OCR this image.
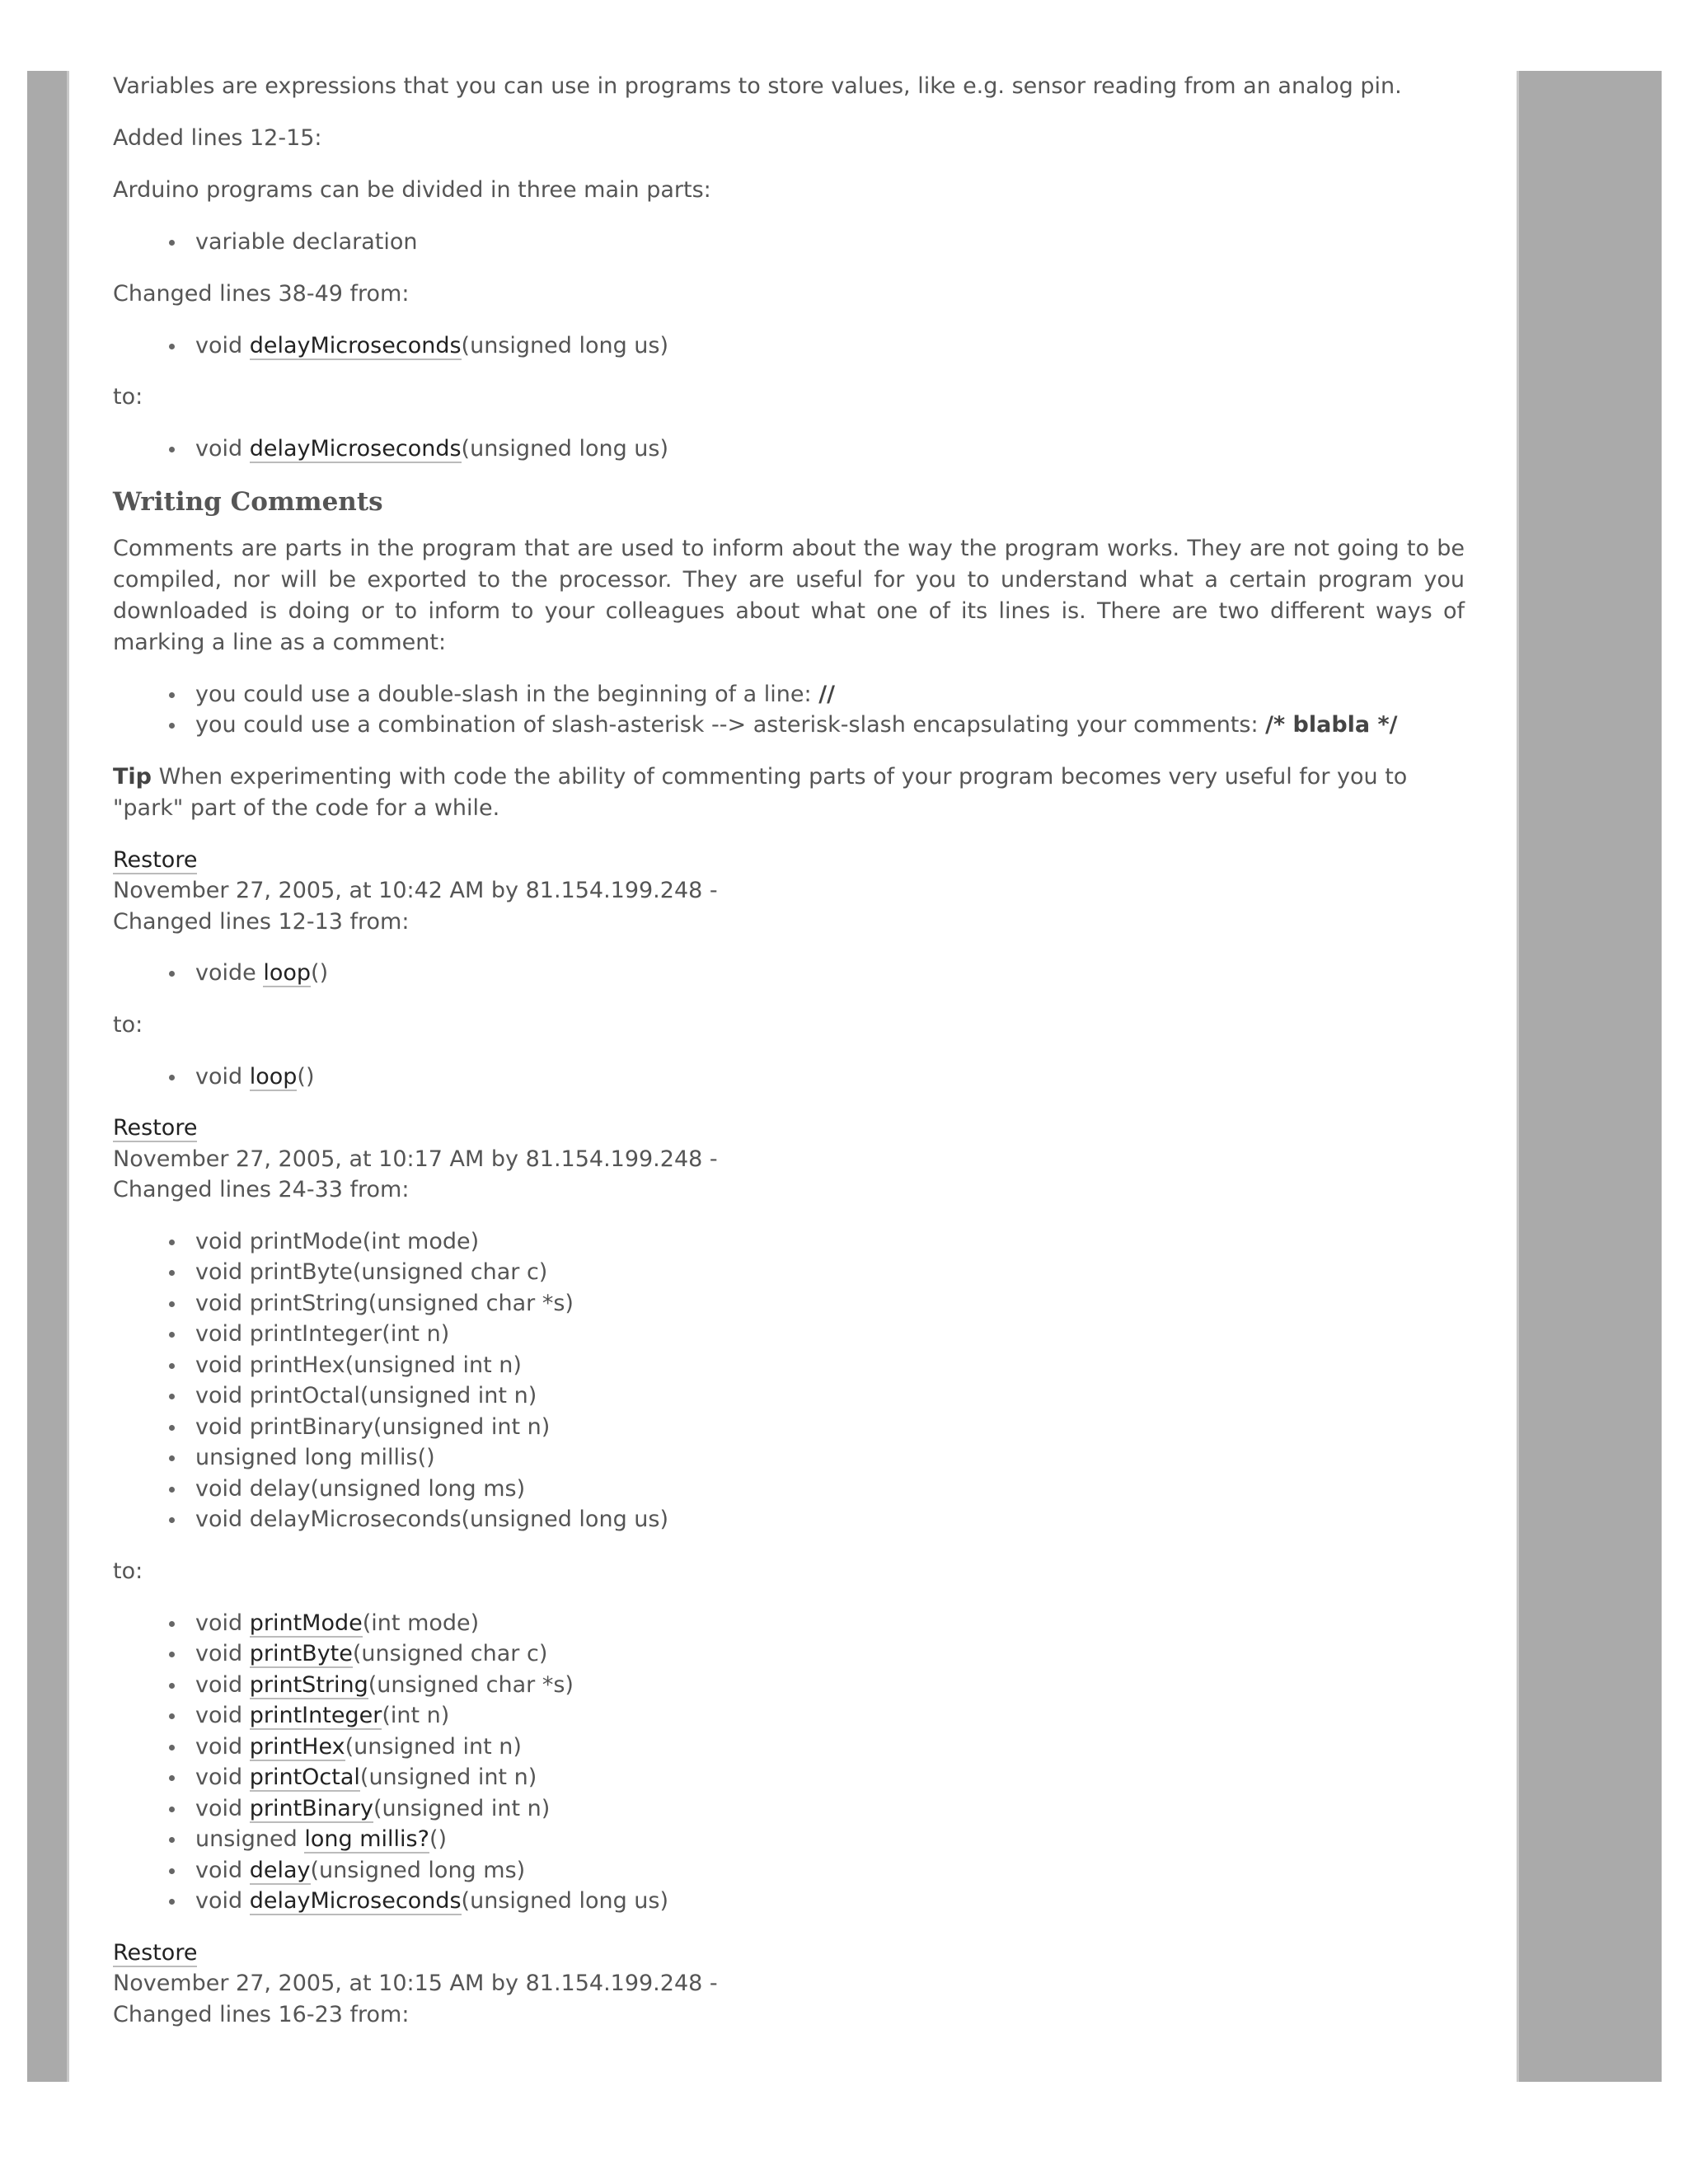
Variables are expressions that you can use in programs to store values, like e.g. sensor reading from an analog pin.

Added lines 12-15:

Arduino programs can be divided in three main parts:

variable declaration

Changed lines 38-49 from:

void delayMicroseconds(unsigned long us)

to:

void delayMicroseconds(unsigned long us)
Writing Comments

Comments are parts in the program that are used to inform about the way the program works. They are not going to be compiled, nor will be exported to the processor. They are useful for you to understand what a certain program you downloaded is doing or to inform to your colleagues about what one of its lines is. There are two different ways of marking a line as a comment:

you could use a double-slash in the beginning of a line: //
you could use a combination of slash-asterisk --> asterisk-slash encapsulating your comments: /* blabla */

Tip When experimenting with code the ability of commenting parts of your program becomes very useful for you to "park" part of the code for a while.

Restore
November 27, 2005, at 10:42 AM by 81.154.199.248 -
Changed lines 12-13 from:
voide loop()

to:

void loop()
Restore
November 27, 2005, at 10:17 AM by 81.154.199.248 -
Changed lines 24-33 from:
void printMode(int mode)
void printByte(unsigned char c)
void printString(unsigned char *s)
void printInteger(int n)
void printHex(unsigned int n)
void printOctal(unsigned int n)
void printBinary(unsigned int n)
unsigned long millis()
void delay(unsigned long ms)
void delayMicroseconds(unsigned long us)

to:

void printMode(int mode)
void printByte(unsigned char c)
void printString(unsigned char *s)
void printInteger(int n)
void printHex(unsigned int n)
void printOctal(unsigned int n)
void printBinary(unsigned int n)
unsigned long millis?()
void delay(unsigned long ms)
void delayMicroseconds(unsigned long us)
Restore
November 27, 2005, at 10:15 AM by 81.154.199.248 -
Changed lines 16-23 from:
